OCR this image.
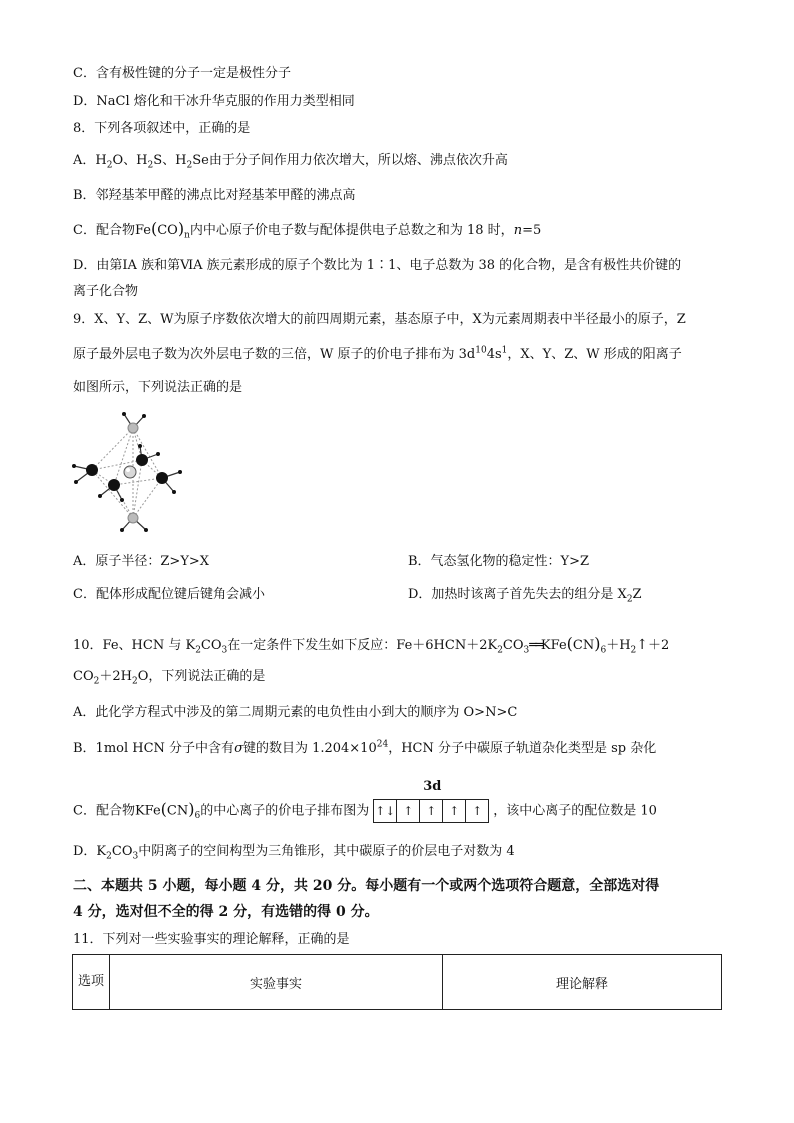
C．含有极性键的分子一定是极性分子
D．NaCl 熔化和干冰升华克服的作用力类型相同
8．下列各项叙述中，正确的是
A．$H_2O$、$H_2S$、$H_2Se$由于分子间作用力依次增大，所以熔、沸点依次升高
B．邻羟基苯甲醛的沸点比对羟基苯甲醛的沸点高
C．配合物$Fe(CO)_n$内中心原子价电子数与配体提供电子总数之和为 18 时，n=5
D．由第ⅠA 族和第ⅥA 族元素形成的原子个数比为 1∶1、电子总数为 38 的化合物，是含有极性共价键的
离子化合物
9．X、Y、Z、W为原子序数依次增大的前四周期元素，基态原子中，X为元素周期表中半径最小的原子，Z
原子最外层电子数为次外层电子数的三倍，W 原子的价电子排布为 $3d^{10}4s^1$，X、Y、Z、W 形成的阳离子
如图所示，下列说法正确的是
A．原子半径：Z>Y>X	B．气态氢化物的稳定性：Y>Z
C．配体形成配位键后键角会减小	D．加热时该离子首先失去的组分是 $X_2Z$
10．Fe、HCN 与 $K_2CO_3$在一定条件下发生如下反应：$Fe+6HCN+2K_2CO_3══KFe(CN)_6+H_2↑+2$
$CO_2+2H_2O$，下列说法正确的是
A．此化学方程式中涉及的第二周期元素的电负性由小到大的顺序为 O>N>C
B．1mol HCN 分子中含有σ键的数目为 $1.204\times 10^{24}$，HCN 分子中碳原子轨道杂化类型是 sp 杂化
C．配合物$KFe(CN)_6$的中心离子的价电子排布图为
3d
↑↓ ↑	↑	↑	↑ ，该中心离子的配位数是 10
D．$K_2CO_3$中阴离子的空间构型为三角锥形，其中碳原子的价层电子对数为 4
二、本题共 5 小题，每小题 4 分，共 20 分。每小题有一个或两个选项符合题意，全部选对得
4 分，选对但不全的得 2 分，有选错的得 0 分。
11．下列对一些实验事实的理论解释，正确的是
选项	实验事实	理论解释
